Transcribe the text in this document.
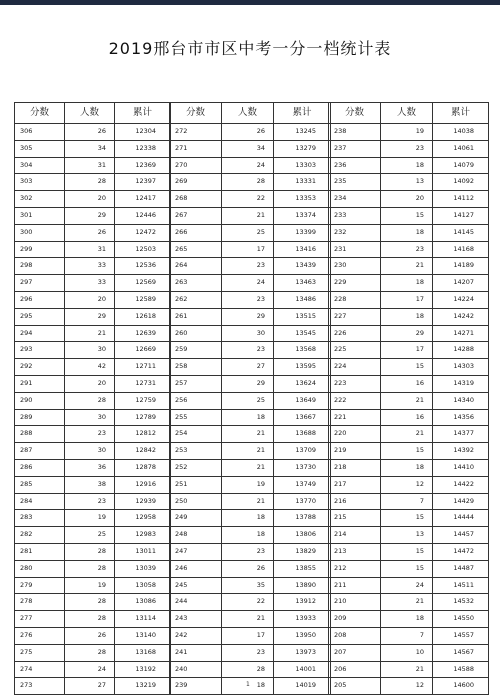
2019邢台市市区中考一分一档统计表
分数	人数	累计
306	26	12304
305	34	12338
304	31	12369
303	28	12397
302	20	12417
301	29	12446
300	26	12472
299	31	12503
298	33	12536
297	33	12569
296	20	12589
295	29	12618
294	21	12639
293	30	12669
292	42	12711
291	20	12731
290	28	12759
289	30	12789
288	23	12812
287	30	12842
286	36	12878
285	38	12916
284	23	12939
283	19	12958
282	25	12983
281	28	13011
280	28	13039
279	19	13058
278	28	13086
277	28	13114
276	26	13140
275	28	13168
274	24	13192
273	27	13219
分数	人数	累计
272	26	13245
271	34	13279
270	24	13303
269	28	13331
268	22	13353
267	21	13374
266	25	13399
265	17	13416
264	23	13439
263	24	13463
262	23	13486
261	29	13515
260	30	13545
259	23	13568
258	27	13595
257	29	13624
256	25	13649
255	18	13667
254	21	13688
253	21	13709
252	21	13730
251	19	13749
250	21	13770
249	18	13788
248	18	13806
247	23	13829
246	26	13855
245	35	13890
244	22	13912
243	21	13933
242	17	13950
241	23	13973
240	28	14001
239	18	14019
分数	人数	累计
238	19	14038
237	23	14061
236	18	14079
235	13	14092
234	20	14112
233	15	14127
232	18	14145
231	23	14168
230	21	14189
229	18	14207
228	17	14224
227	18	14242
226	29	14271
225	17	14288
224	15	14303
223	16	14319
222	21	14340
221	16	14356
220	21	14377
219	15	14392
218	18	14410
217	12	14422
216	7	14429
215	15	14444
214	13	14457
213	15	14472
212	15	14487
211	24	14511
210	21	14532
209	18	14550
208	7	14557
207	10	14567
206	21	14588
205	12	14600
1
